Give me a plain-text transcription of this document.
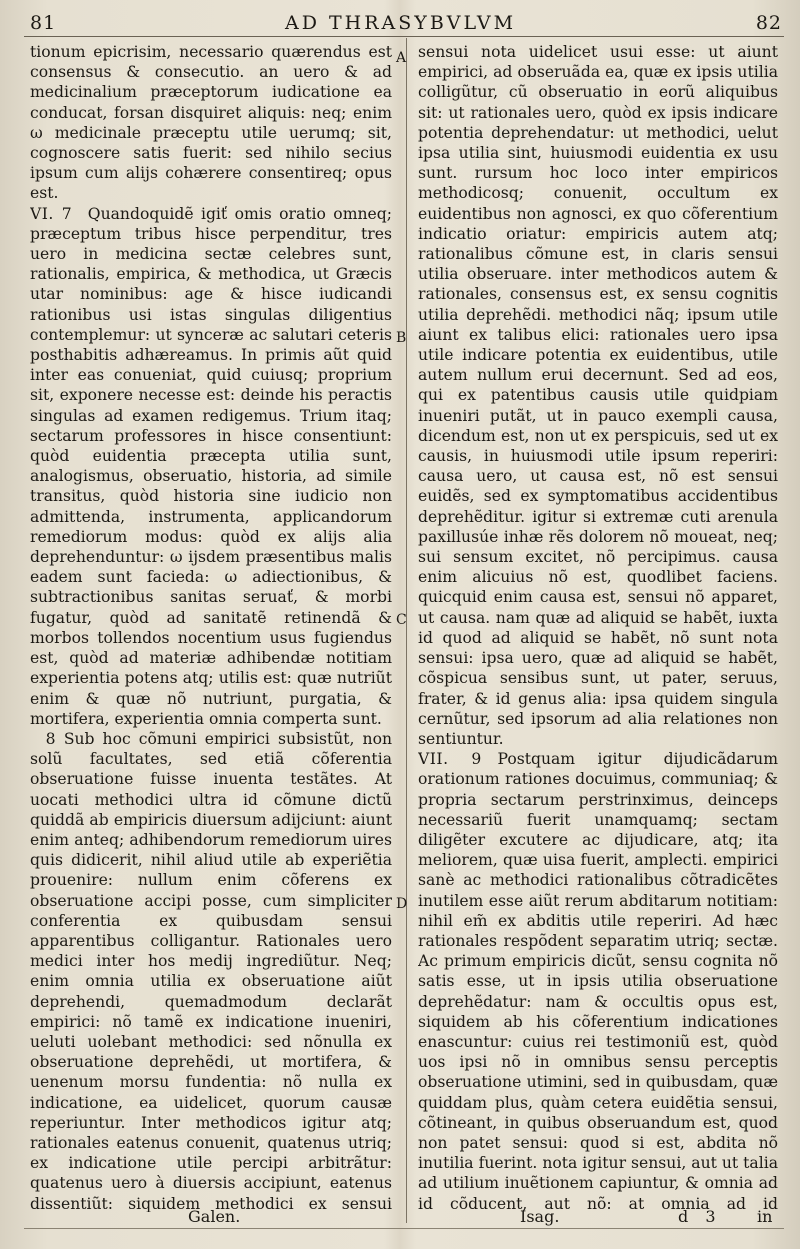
81	AD THRASYBVLVM	82

tionum epicrisim, necessario quærendus est consensus & consecutio. an uero & ad medicinalium præceptorum iudicatione ea conducat, forsan disquiret aliquis: neq; enim ω medicinale præceptu utile uerumq; sit, cognoscere satis fuerit: sed nihilo secius ipsum cum alijs cohærere consentireq; opus est.

VI. 7  Quandoquidẽ igiť omis oratio omneq; præceptum tribus hisce perpenditur, tres uero in medicina sectæ celebres sunt, rationalis, empirica, & methodica, ut Græcis utar nominibus: age & hisce iudicandi rationibus usi istas singulas diligentius contemplemur: ut synceræ ac salutari ceteris posthabitis adhæreamus. In primis aũt quid inter eas conueniat, quid cuiusq; proprium sit, exponere necesse est: deinde his peractis singulas ad examen redigemus. Trium itaq; sectarum professores in hisce consentiunt: quòd euidentia præcepta utilia sunt, analogismus, obseruatio, historia, ad simile transitus, quòd historia sine iudicio non admittenda, instrumenta, applicandorum remediorum modus: quòd ex alijs alia deprehenduntur: ω ijsdem præsentibus malis eadem sunt facieda: ω adiectionibus, & subtractionibus sanitas seruať, & morbi fugatur, quòd ad sanitatẽ retinendã & morbos tollendos nocentium usus fugiendus est, quòd ad materiæ adhibendæ notitiam experientia potens atq; utilis est: quæ nutriũt enim & quæ nõ nutriunt, purgatia, & mortifera, experientia omnia comperta sunt.

 8  Sub hoc cõmuni empirici subsistũt, non solũ facultates, sed etiã cõferentia obseruatione fuisse inuenta testãtes. At uocati methodici ultra id cõmune dictũ quiddã ab empiricis diuersum adijciunt: aiunt enim anteq; adhibendorum remediorum uires quis didicerit, nihil aliud utile ab experiẽtia prouenire: nullum enim cõferens ex obseruatione accipi posse, cum simpliciter conferentia ex quibusdam sensui apparentibus colligantur. Rationales uero medici inter hos medij ingrediũtur. Neq; enim omnia utilia ex obseruatione aiũt deprehendi, quemadmodum declarãt empirici: nõ tamẽ ex indicatione inueniri, ueluti uolebant methodici: sed nõnulla ex obseruatione deprehẽdi, ut mortifera, & uenenum morsu fundentia: nõ nulla ex indicatione, ea uidelicet, quorum causæ reperiuntur. Inter methodicos igitur atq; rationales eatenus conuenit, quatenus utriq; ex indicatione utile percipi arbitrãtur: quatenus uero à diuersis accipiunt, eatenus dissentiũt: siquidem methodici ex sensui

A
B
C
D

sensui nota uidelicet usui esse: ut aiunt empirici, ad obseruãda ea, quæ ex ipsis utilia colligũtur, cũ obseruatio in eorũ aliquibus sit: ut rationales uero, quòd ex ipsis indicare potentia deprehendatur: ut methodici, uelut ipsa utilia sint, huiusmodi euidentia ex usu sunt. rursum hoc loco inter empiricos methodicosq; conuenit, occultum ex euidentibus non agnosci, ex quo cõferentium indicatio oriatur: empiricis autem atq; rationalibus cõmune est, in claris sensui utilia obseruare. inter methodicos autem & rationales, consensus est, ex sensu cognitis utilia deprehẽdi. methodici nãq; ipsum utile aiunt ex talibus elici: rationales uero ipsa utile indicare potentia ex euidentibus, utile autem nullum erui decernunt. Sed ad eos, qui ex patentibus causis utile quidpiam inueniri putãt, ut in pauco exempli causa, dicendum est, non ut ex perspicuis, sed ut ex causis, in huiusmodi utile ipsum reperiri: causa uero, ut causa est, nõ est sensui euidẽs, sed ex symptomatibus accidentibus deprehẽditur. igitur si extremæ cuti arenula paxillusúe inhæ rẽs dolorem nõ moueat, neq; sui sensum excitet, nõ percipimus. causa enim alicuius nõ est, quodlibet faciens. quicquid enim causa est, sensui nõ apparet, ut causa. nam quæ ad aliquid se habẽt, iuxta id quod ad aliquid se habẽt, nõ sunt nota sensui: ipsa uero, quæ ad aliquid se habẽt, cõspicua sensibus sunt, ut pater, seruus, frater, & id genus alia: ipsa quidem singula cernũtur, sed ipsorum ad alia relationes non sentiuntur.

VII. 9  Postquam igitur dijudicãdarum orationum rationes docuimus, communiaq; & propria sectarum perstrinximus, deinceps necessariũ fuerit unamquamq; sectam diligẽter excutere ac dijudicare, atq; ita meliorem, quæ uisa fuerit, amplecti. empirici sanè ac methodici rationalibus cõtradicẽtes inutilem esse aiũt rerum abditarum notitiam: nihil em̃ ex abditis utile reperiri. Ad hæc rationales respõdent separatim utriq; sectæ. Ac primum empiricis dicũt, sensu cognita nõ satis esse, ut in ipsis utilia obseruatione deprehẽdatur: nam & occultis opus est, siquidem ab his cõferentium indicationes enascuntur: cuius rei testimoniũ est, quòd uos ipsi nõ in omnibus sensu perceptis obseruatione utimini, sed in quibusdam, quæ quiddam plus, quàm cetera euidẽtia sensui, cõtineant, in quibus obseruandum est, quod non patet sensui: quod si est, abdita nõ inutilia fuerint. nota igitur sensui, aut ut talia ad utilium inuẽtionem capiuntur, & omnia ad id cõducent, aut nõ: at omnia ad id

Galen.	Isag.	d 3 in
